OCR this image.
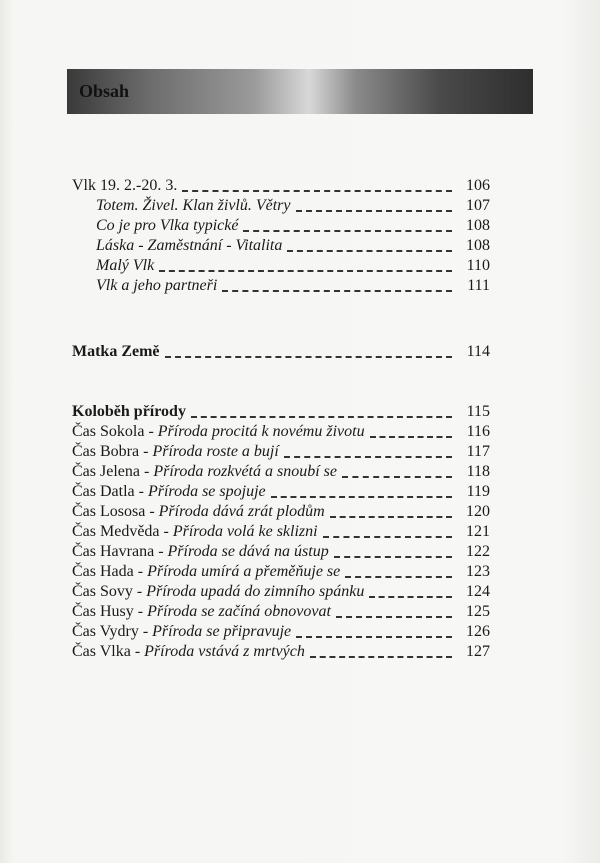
Obsah
Vlk 19. 2.-20. 3.	106
Totem. Živel. Klan živlů. Větry	107
Co je pro Vlka typické	108
Láska - Zaměstnání - Vitalita	108
Malý Vlk	110
Vlk a jeho partneři	111
Matka Země	114
Koloběh přírody	115
Čas Sokola - Příroda procitá k novému životu	116
Čas Bobra - Příroda roste a bují	117
Čas Jelena - Příroda rozkvétá a snoubí se	118
Čas Datla - Příroda se spojuje	119
Čas Lososa - Příroda dává zrát plodům	120
Čas Medvěda - Příroda volá ke sklizni	121
Čas Havrana - Příroda se dává na ústup	122
Čas Hada - Příroda umírá a přeměňuje se	123
Čas Sovy - Příroda upadá do zimního spánku	124
Čas Husy - Příroda se začíná obnovovat	125
Čas Vydry - Příroda se připravuje	126
Čas Vlka - Příroda vstává z mrtvých	127
